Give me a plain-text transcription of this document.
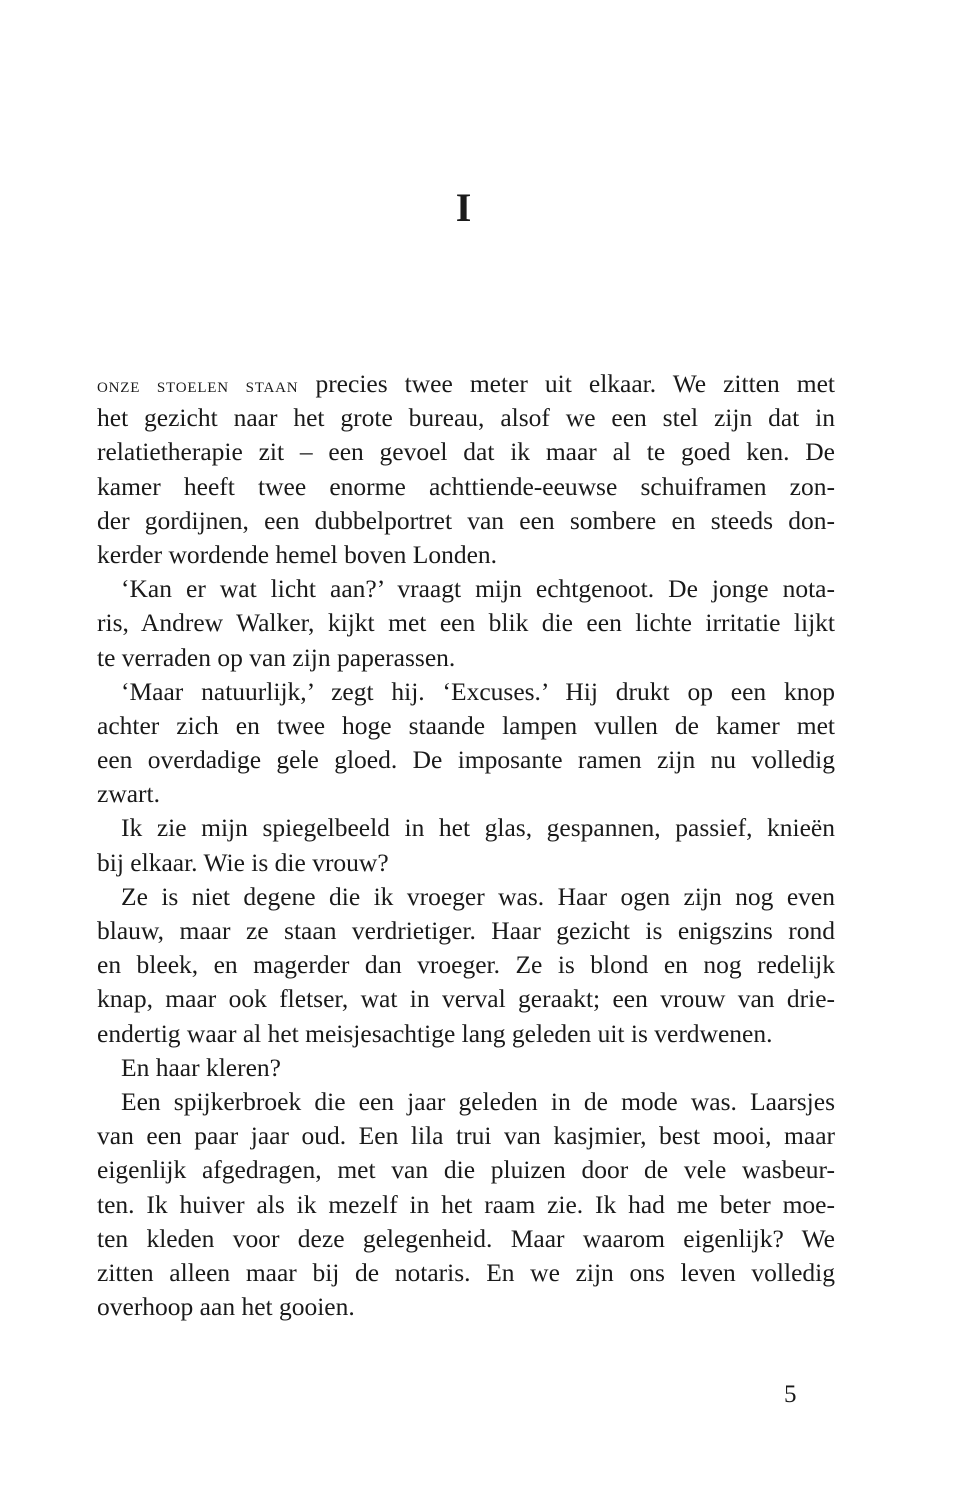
I
onze stoelen staan precies twee meter uit elkaar. We zitten met
het gezicht naar het grote bureau, alsof we een stel zijn dat in
relatietherapie zit – een gevoel dat ik maar al te goed ken. De
kamer heeft twee enorme achttiende-eeuwse schuiframen zon-
der gordijnen, een dubbelportret van een sombere en steeds don-
kerder wordende hemel boven Londen.
‘Kan er wat licht aan?’ vraagt mijn echtgenoot. De jonge nota-
ris, Andrew Walker, kijkt met een blik die een lichte irritatie lijkt
te verraden op van zijn paperassen.
‘Maar natuurlijk,’ zegt hij. ‘Excuses.’ Hij drukt op een knop
achter zich en twee hoge staande lampen vullen de kamer met
een overdadige gele gloed. De imposante ramen zijn nu volledig
zwart.
Ik zie mijn spiegelbeeld in het glas, gespannen, passief, knieën
bij elkaar. Wie is die vrouw?
Ze is niet degene die ik vroeger was. Haar ogen zijn nog even
blauw, maar ze staan verdrietiger. Haar gezicht is enigszins rond
en bleek, en magerder dan vroeger. Ze is blond en nog redelijk
knap, maar ook fletser, wat in verval geraakt; een vrouw van drie-
endertig waar al het meisjesachtige lang geleden uit is verdwenen.
En haar kleren?
Een spijkerbroek die een jaar geleden in de mode was. Laarsjes
van een paar jaar oud. Een lila trui van kasjmier, best mooi, maar
eigenlijk afgedragen, met van die pluizen door de vele wasbeur-
ten. Ik huiver als ik mezelf in het raam zie. Ik had me beter moe-
ten kleden voor deze gelegenheid. Maar waarom eigenlijk? We
zitten alleen maar bij de notaris. En we zijn ons leven volledig
overhoop aan het gooien.
5
